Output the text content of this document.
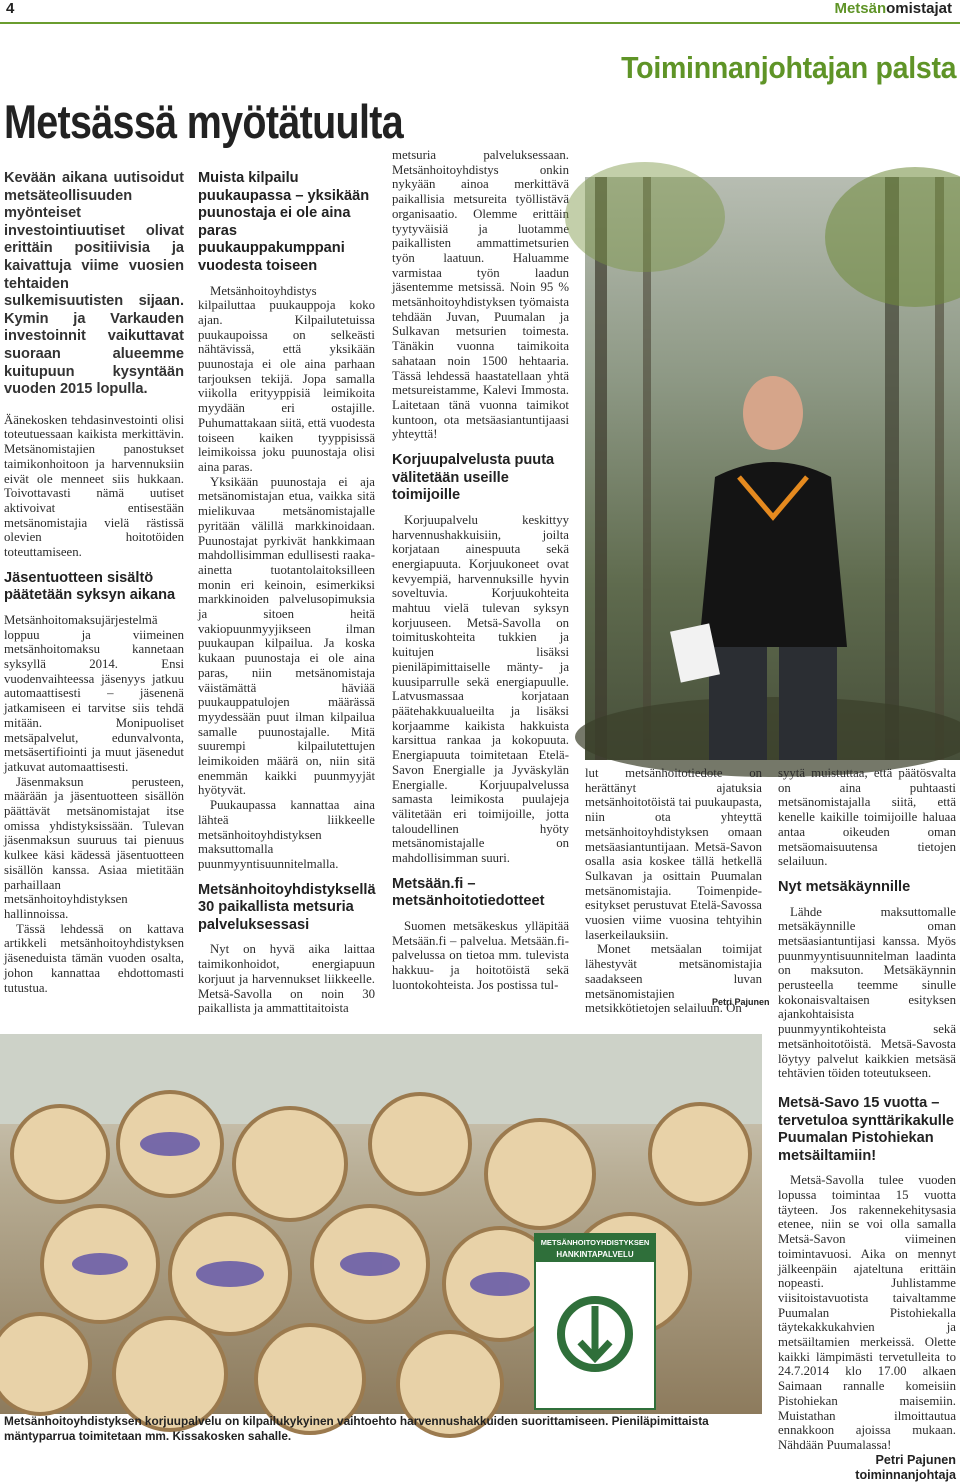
4	Metsänomistajat
Toiminnanjohtajan palsta
Metsässä myötätuulta

Kevään aikana uutisoidut metsäteollisuuden myönteiset investointiuutiset olivat erittäin positiivisia ja kaivattuja viime vuosien tehtaiden sulkemisuutisten sijaan. Kymin ja Varkauden investoinnit vaikuttavat suoraan alueemme kuitupuun kysyntään vuoden 2015 lopulla.

Äänekosken tehdasinvestointi olisi toteutuessaan kaikista merkittävin. Metsänomistajien panostukset taimikonhoitoon ja harvennuksiin eivät ole menneet siis hukkaan. Toivottavasti nämä uutiset aktivoivat entisestään metsänomistajia vielä rästissä olevien hoitotöiden toteuttamiseen.

Jäsentuotteen sisältö päätetään syksyn aikana

Metsänhoitomaksujärjestelmä loppuu ja viimeinen metsänhoitomaksu kannetaan syksyllä 2014. Ensi vuodenvaihteessa jäsenyys jatkuu automaattisesti – jäsenenä jatkamiseen ei tarvitse siis tehdä mitään. Monipuoliset metsäpalvelut, edunvalvonta, metsäsertifiointi ja muut jäsenedut jatkuvat automaattisesti.

Jäsenmaksun perusteen, määrään ja jäsentuotteen sisällön päättävät metsänomistajat itse omissa yhdistyksissään. Tulevan jäsenmaksun suuruus tai pienuus kulkee käsi kädessä jäsentuotteen sisällön kanssa. Asiaa mietitään parhaillaan metsänhoitoyhdistyksen hallinnoissa.

Tässä lehdessä on kattava artikkeli metsänhoitoyhdistyksen jäseneduista tämän vuoden osalta, johon kannattaa ehdottomasti tutustua.

Muista kilpailu puukaupassa – yksikään puunostaja ei ole aina paras puukauppakumppani vuodesta toiseen

Metsänhoitoyhdistys kilpailuttaa puukauppoja koko ajan. Kilpailutetuissa puukaupoissa on selkeästi nähtävissä, että yksikään puunostaja ei ole aina parhaan tarjouksen tekijä. Jopa samalla viikolla erityyppisiä leimikoita myydään eri ostajille. Puhumattakaan siitä, että vuodesta toiseen kaiken tyyppisissä leimikoissa joku puunostaja olisi aina paras.

Yksikään puunostaja ei aja metsänomistajan etua, vaikka sitä mielikuvaa metsänomistajalle pyritään välillä markkinoidaan. Puunostajat pyrkivät hankkimaan mahdollisimman edullisesti raaka-ainetta tuotantolaitoksilleen monin eri keinoin, esimerkiksi markkinoiden palvelusopimuksia ja sitoen heitä vakiopuunmyyjikseen ilman puukaupan kilpailua. Ja koska kukaan puunostaja ei ole aina paras, niin metsänomistaja väistämättä häviää puukauppatulojen määrässä myydessään puut ilman kilpailua samalle puunostajalle. Mitä suurempi kilpailutettujen leimikoiden määrä on, niin sitä enemmän kaikki puunmyyjät hyötyvät.

Puukaupassa kannattaa aina lähteä liikkeelle metsänhoitoyhdistyksen maksuttomalla puunmyyntisuunnitelmalla.

Metsänhoitoyhdistyksellä 30 paikallista metsuria palveluksessasi

Nyt on hyvä aika laittaa taimikonhoidot, energiapuun korjuut ja harvennukset liikkeelle. Metsä-Savolla on noin 30 paikallista ja ammattitaitoista

metsuria palveluksessaan. Metsänhoitoyhdistys onkin nykyään ainoa merkittävä paikallisia metsureita työllistävä organisaatio. Olemme erittäin tyytyväisiä ja luotamme paikallisten ammattimetsurien työn laatuun. Haluamme varmistaa työn laadun jäsentemme metsissä. Noin 95 % metsänhoitoyhdistyksen työmaista tehdään Juvan, Puumalan ja Sulkavan metsurien toimesta. Tänäkin vuonna taimikoita sahataan noin 1500 hehtaaria. Tässä lehdessä haastatellaan yhtä metsureistamme, Kalevi Immosta. Laitetaan tänä vuonna taimikot kuntoon, ota metsäasiantuntijaasi yhteyttä!

Korjuupalvelusta puuta välitetään useille toimijoille

Korjuupalvelu keskittyy harvennushakkuisiin, joilta korjataan ainespuuta sekä energiapuuta. Korjuukoneet ovat kevyempiä, harvennuksille hyvin soveltuvia. Korjuukohteita mahtuu vielä tulevan syksyn korjuuseen. Metsä-Savolla on toimituskohteita tukkien ja kuitujen lisäksi pieniläpimittaiselle mänty- ja kuusiparrulle sekä energiapuulle. Latvusmassaa korjataan päätehakkuualueilta ja lisäksi korjaamme kaikista hakkuista karsittua rankaa ja kokopuuta. Energiapuuta toimitetaan Etelä-Savon Energialle ja Jyväskylän Energialle. Korjuupalvelussa samasta leimikosta puulajeja välitetään eri toimijoille, jotta taloudellinen hyöty metsänomistajalle on mahdollisimman suuri.

Metsään.fi – metsänhoitotiedotteet

Suomen metsäkeskus ylläpitää Metsään.fi – palvelua. Metsään.fi-palvelussa on tietoa mm. tulevista hakkuu- ja hoitotöistä sekä luontokohteista. Jos postissa tul-

lut metsänhoitotiedote on herättänyt ajatuksia metsänhoitotöistä tai puukaupasta, niin ota yhteyttä metsänhoitoyhdistyksen omaan metsäasiantuntijaan. Metsä-Savon osalla asia koskee tällä hetkellä Sulkavan ja osittain Puumalan metsänomistajia. Toimenpide-esitykset perustuvat Etelä-Savossa vuosien viime vuosina tehtyihin laserkeilauksiin.

Monet metsäalan toimijat lähestyvät metsänomistajia saadakseen luvan metsänomistajien metsikkötietojen selailuun. On

Petri Pajunen

syytä muistuttaa, että päätösvalta on aina puhtaasti metsänomistajalla siitä, että kenelle kaikille toimijoille haluaa antaa oikeuden oman metsäomaisuutensa tietojen selailuun.

Nyt metsäkäynnille

Lähde maksuttomalle metsäkäynnille oman metsäasiantuntijasi kanssa. Myös puunmyyntisuunnitelman laadinta on maksuton. Metsäkäynnin perusteella teemme sinulle kokonaisvaltaisen esityksen ajankohtaisista puunmyyntikohteista sekä metsänhoitotöistä. Metsä-Savosta löytyy palvelut kaikkien metsäsä tehtävien töiden toteutukseen.

Metsä-Savo 15 vuotta – tervetuloa synttärikakulle Puumalan Pistohiekan metsäiltamiin!

Metsä-Savolla tulee vuoden lopussa toimintaa 15 vuotta täyteen. Jos rakennekehitysasia etenee, niin se voi olla samalla Metsä-Savon viimeinen toimintavuosi. Aika on mennyt jälkeenpäin ajateltuna erittäin nopeasti. Juhlistamme viisitoistavuotista taivaltamme Puumalan Pistohiekalla täytekakkukahvien ja metsäiltamien merkeissä. Olette kaikki lämpimästi tervetulleita to 24.7.2014 klo 17.00 alkaen Saimaan rannalle komeisiin Pistohiekan maisemiin. Muistathan ilmoittautua ennakkoon ajoissa mukaan. Nähdään Puumalassa!

Petri Pajunen
toiminnanjohtaja
METSÄNHOITOYHDISTYKSEN
HANKINTAPALVELU
Metsänhoitoyhdistyksen korjuupalvelu on kilpailukykyinen vaihtoehto harvennushakkuiden suorittamiseen. Pieniläpimittaista mäntyparrua toimitetaan mm. Kissakosken sahalle.
